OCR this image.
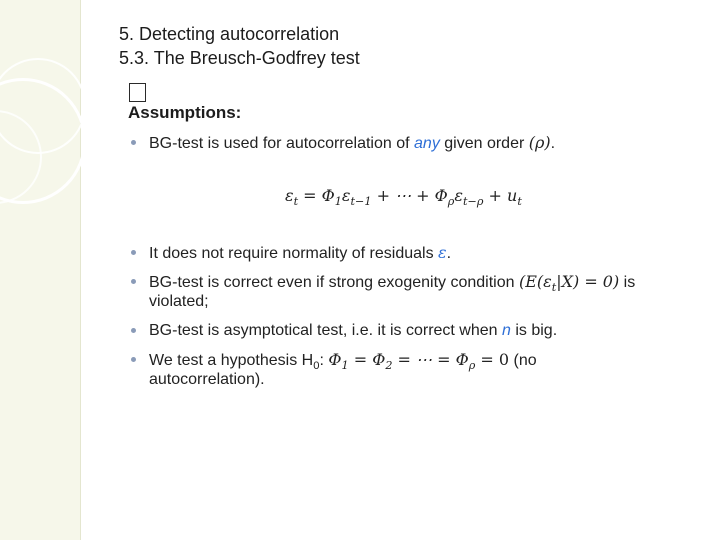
5. Detecting autocorrelation
5.3. The Breusch-Godfrey test
Assumptions:
BG-test is used for autocorrelation of any given order (ρ).
$\varepsilon_t = \Phi_1\varepsilon_{t-1}$ + ⋯ + $\Phi_\rho\varepsilon_{t-\rho} + u_t$
It does not require normality of residuals ε.
BG-test is correct even if strong exogenity condition $(E(\varepsilon_t|X) = 0)$ is
violated;
BG-test is asymptotical test, i.e. it is correct when n is big.
We test a hypothesis $H_0$: $\Phi_1 = \Phi_2$ = ⋯ = $\Phi_\rho = 0$ (no
autocorrelation).
